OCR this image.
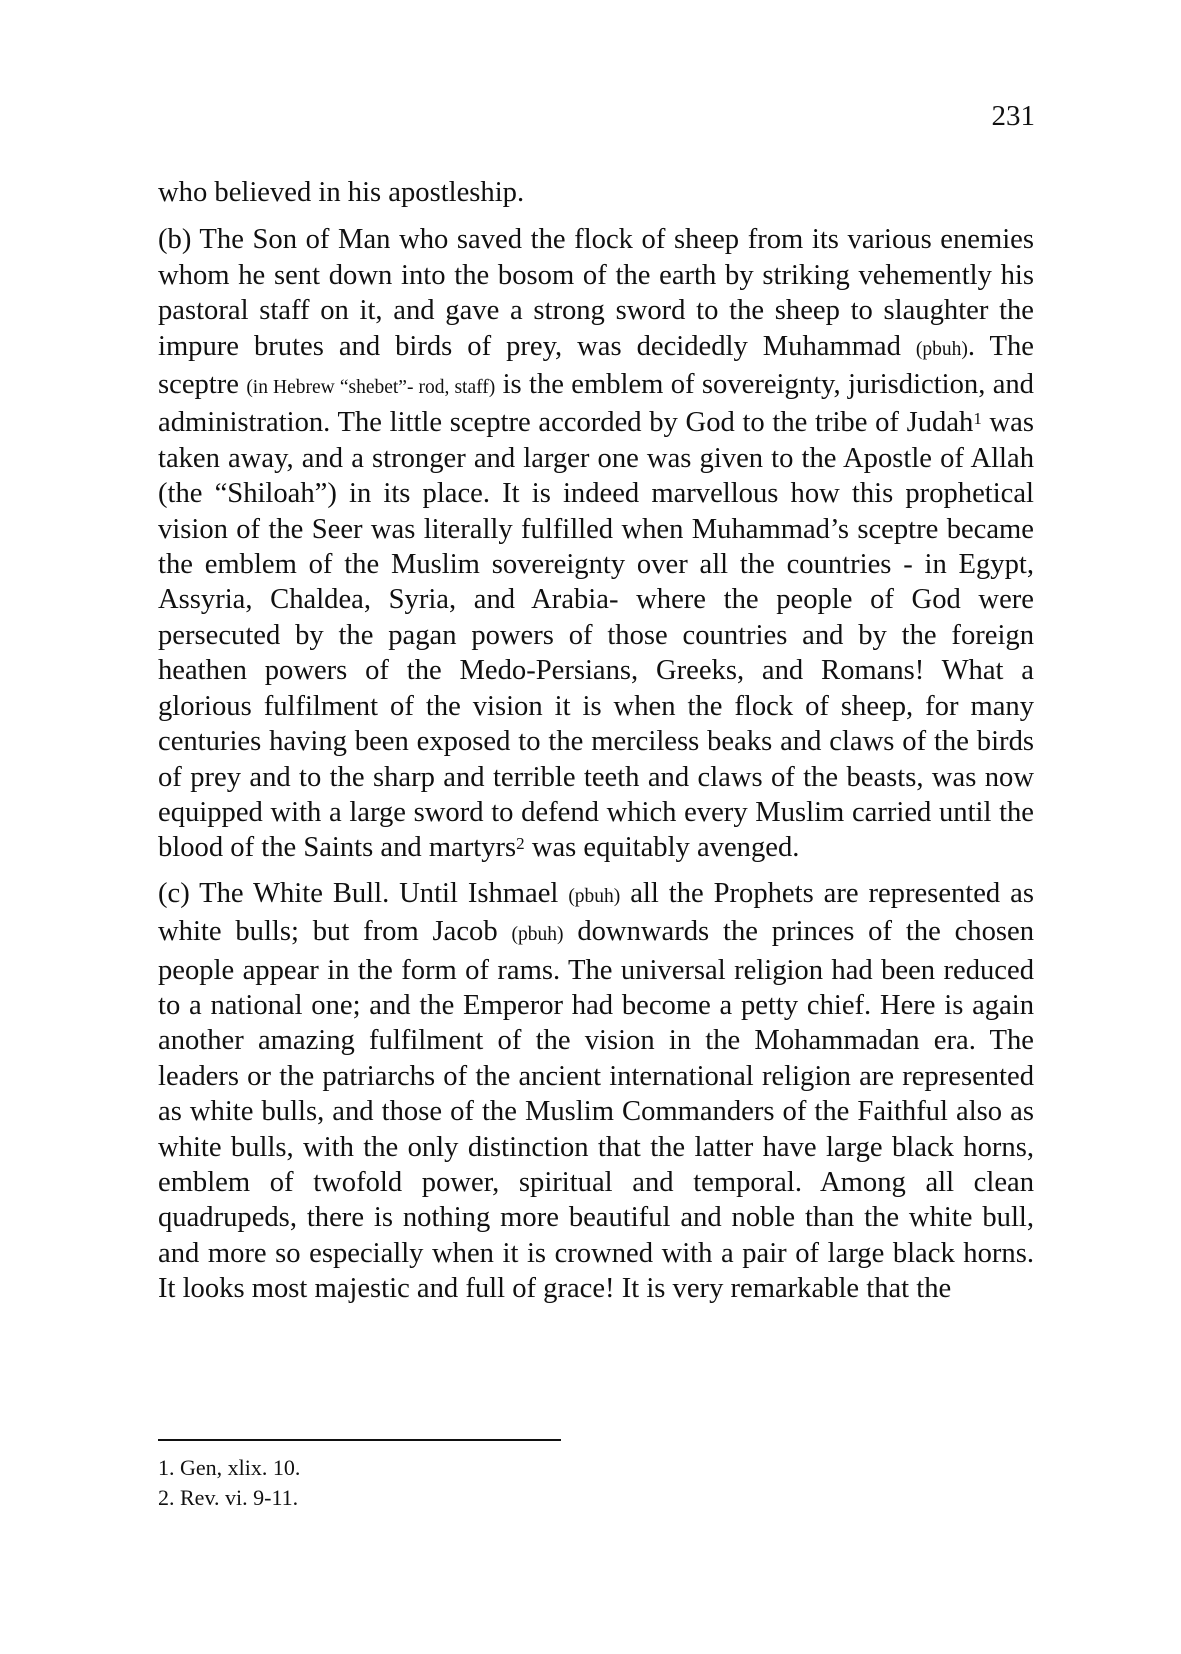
231

who believed in his apostleship.

(b) The Son of Man who saved the flock of sheep from its various enemies whom he sent down into the bosom of the earth by striking vehemently his pastoral staff on it, and gave a strong sword to the sheep to slaughter the impure brutes and birds of prey, was decidedly Muhammad (pbuh). The sceptre (in Hebrew “shebet”- rod, staff) is the emblem of sovereignty, jurisdiction, and administration. The little sceptre accorded by God to the tribe of Judah$^1$ was taken away, and a stronger and larger one was given to the Apostle of Allah (the “Shiloah”) in its place. It is indeed marvellous how this prophetical vision of the Seer was literally fulfilled when Muhammad’s sceptre became the emblem of the Muslim sovereignty over all the countries - in Egypt, Assyria, Chaldea, Syria, and Arabia- where the people of God were persecuted by the pagan powers of those countries and by the foreign heathen powers of the Medo-Persians, Greeks, and Romans! What a glorious fulfilment of the vision it is when the flock of sheep, for many centuries having been exposed to the merciless beaks and claws of the birds of prey and to the sharp and terrible teeth and claws of the beasts, was now equipped with a large sword to defend which every Muslim carried until the blood of the Saints and martyrs$^2$ was equitably avenged.

(c) The White Bull. Until Ishmael (pbuh) all the Prophets are represented as white bulls; but from Jacob (pbuh) downwards the princes of the chosen people appear in the form of rams. The universal religion had been reduced to a national one; and the Emperor had become a petty chief. Here is again another amazing fulfilment of the vision in the Mohammadan era. The leaders or the patriarchs of the ancient international religion are represented as white bulls, and those of the Muslim Commanders of the Faithful also as white bulls, with the only distinction that the latter have large black horns, emblem of twofold power, spiritual and temporal. Among all clean quadrupeds, there is nothing more beautiful and noble than the white bull, and more so especially when it is crowned with a pair of large black horns. It looks most majestic and full of grace! It is very remarkable that the

1. Gen, xlix. 10.
2. Rev. vi. 9-11.
